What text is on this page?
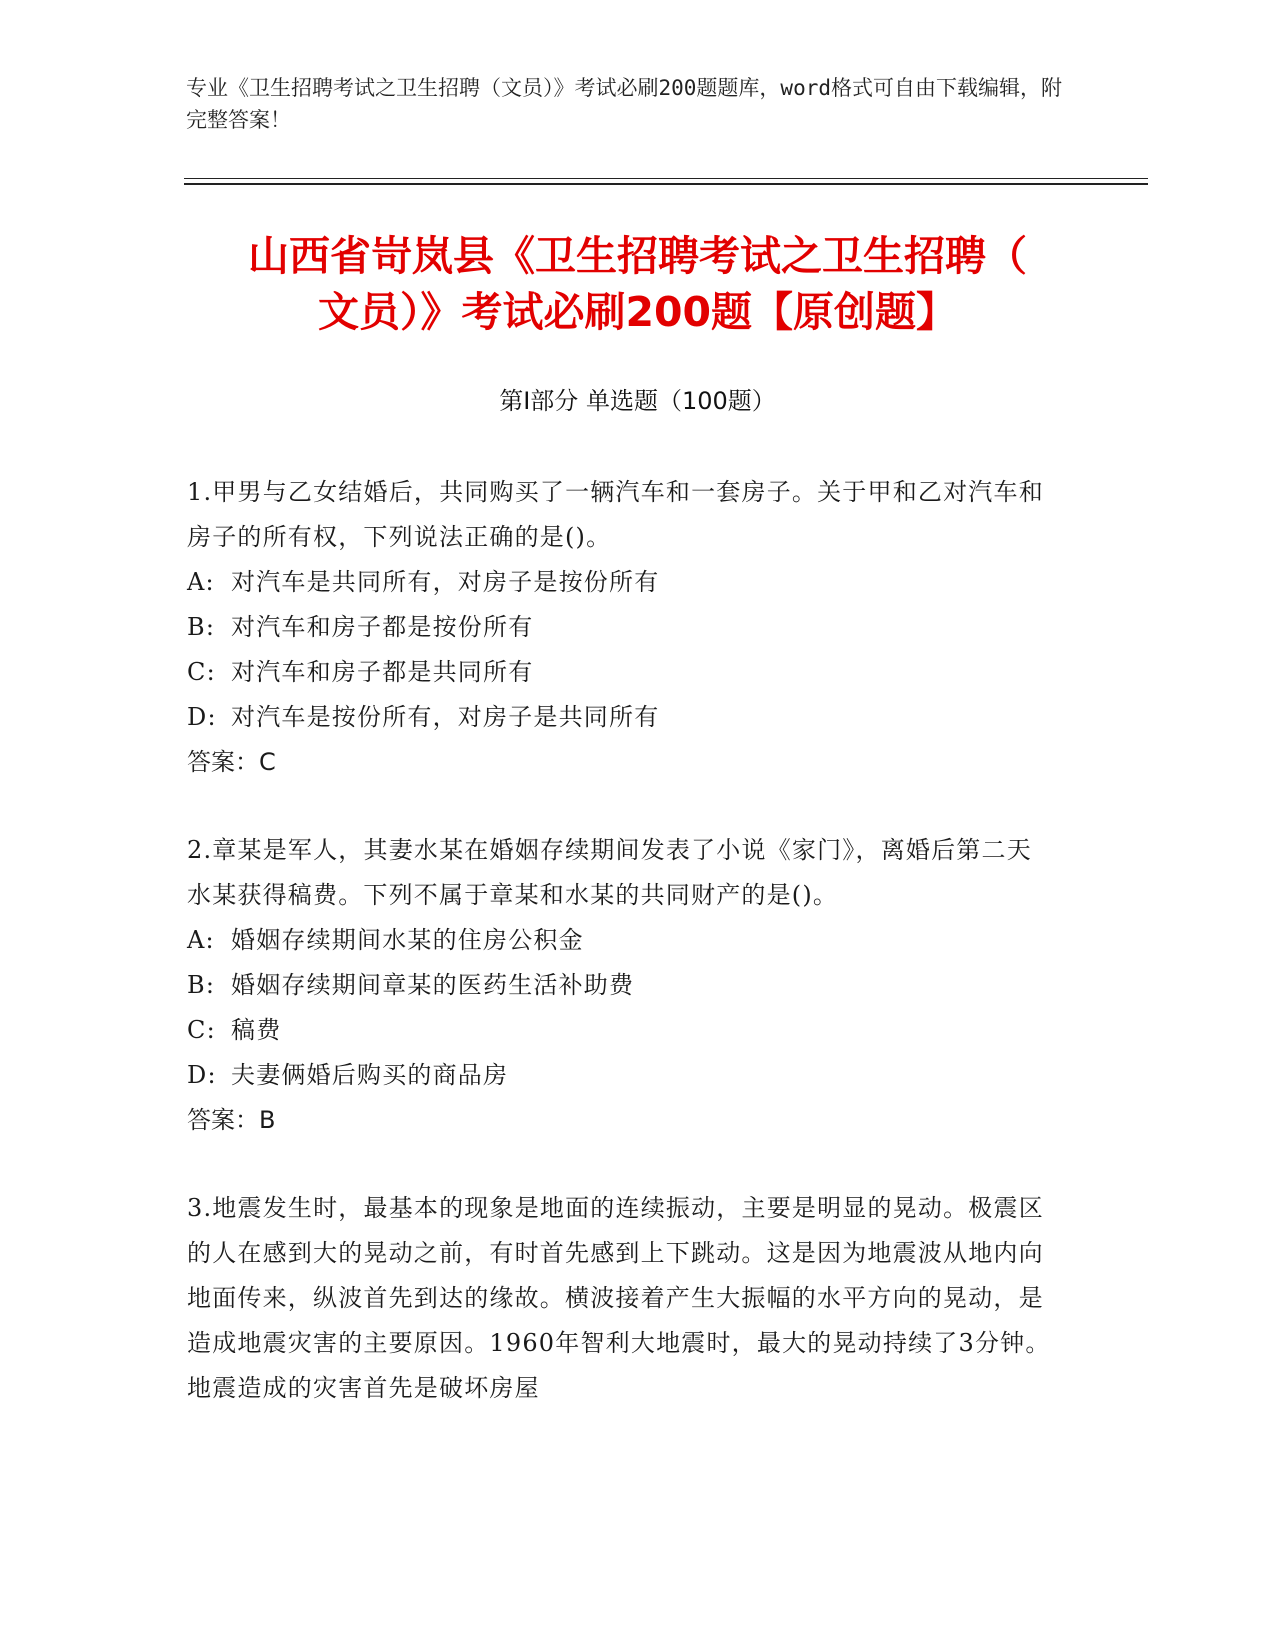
专业《卫生招聘考试之卫生招聘（文员）》考试必刷200题题库，word格式可自由下载编辑，附完整答案！
山西省岢岚县《卫生招聘考试之卫生招聘（
文员）》考试必刷200题【原创题】
第Ⅰ部分 单选题（100题）
1.甲男与乙女结婚后，共同购买了一辆汽车和一套房子。关于甲和乙对汽车和房子的所有权，下列说法正确的是()。
A: 对汽车是共同所有，对房子是按份所有
B: 对汽车和房子都是按份所有
C: 对汽车和房子都是共同所有
D: 对汽车是按份所有，对房子是共同所有
答案：C
2.章某是军人，其妻水某在婚姻存续期间发表了小说《家门》，离婚后第二天水某获得稿费。下列不属于章某和水某的共同财产的是()。
A: 婚姻存续期间水某的住房公积金
B: 婚姻存续期间章某的医药生活补助费
C: 稿费
D: 夫妻俩婚后购买的商品房
答案：B
3.地震发生时，最基本的现象是地面的连续振动，主要是明显的晃动。极震区的人在感到大的晃动之前，有时首先感到上下跳动。这是因为地震波从地内向地面传来，纵波首先到达的缘故。横波接着产生大振幅的水平方向的晃动，是造成地震灾害的主要原因。1960年智利大地震时，最大的晃动持续了3分钟。地震造成的灾害首先是破坏房屋
